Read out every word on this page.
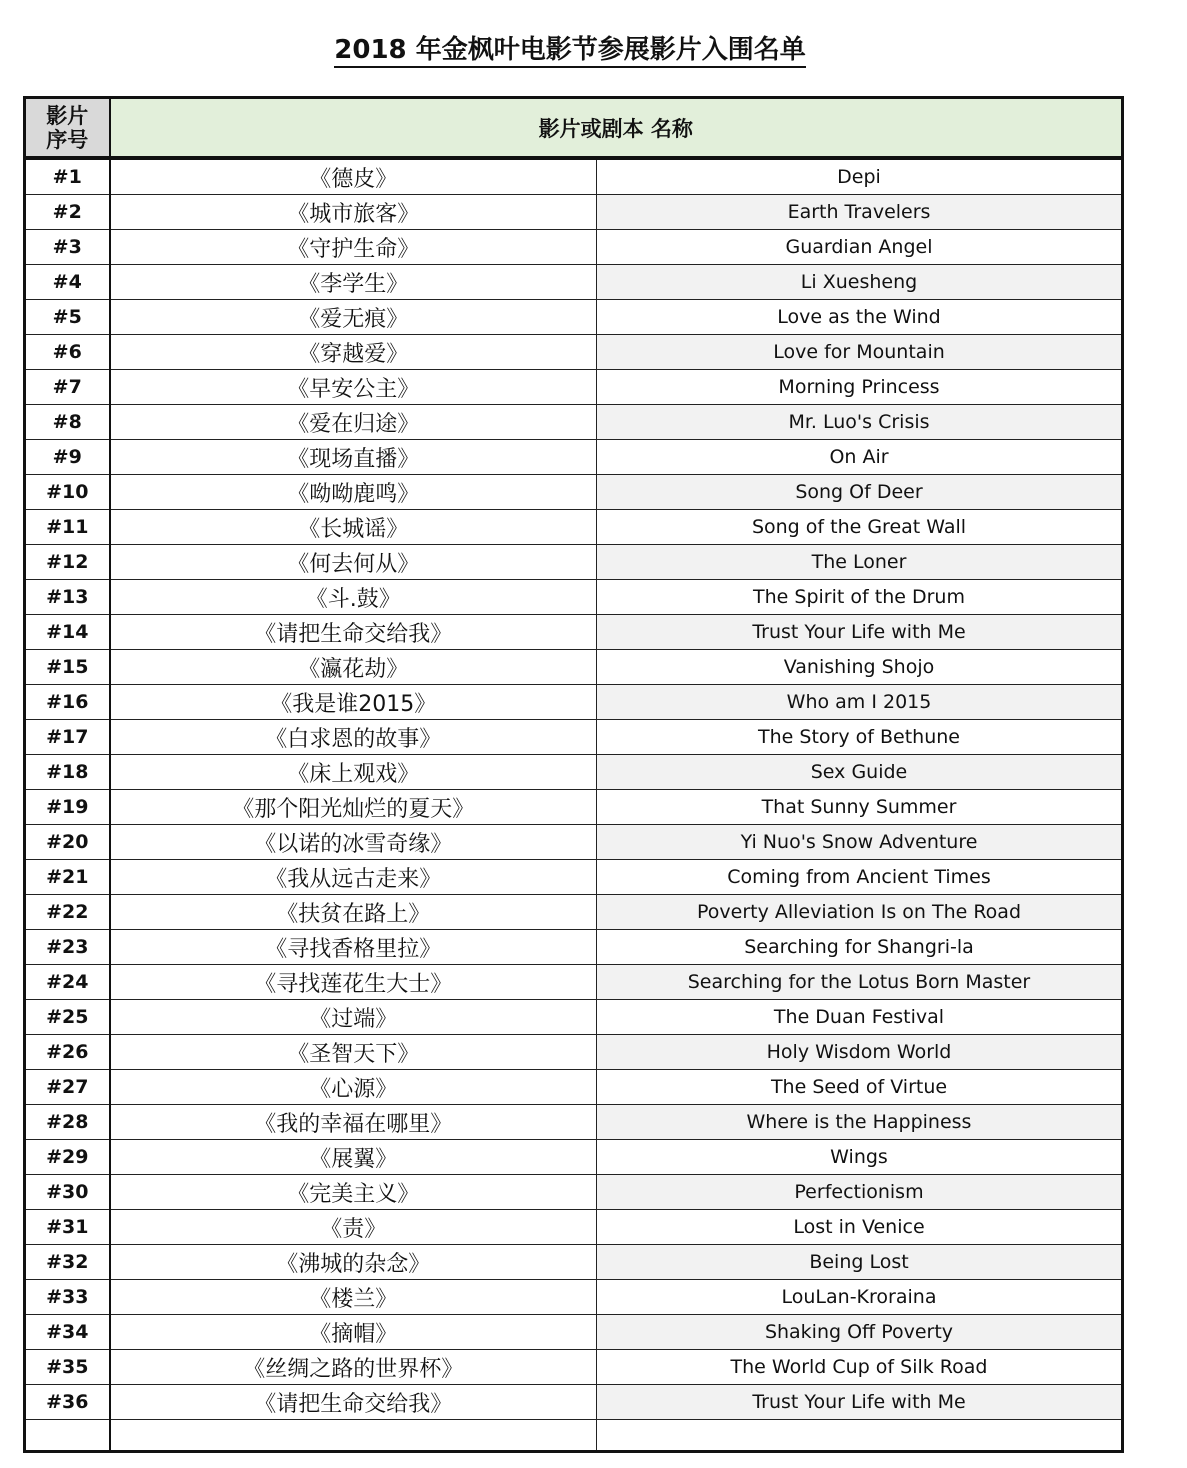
2018 年金枫叶电影节参展影片入围名单
影片
序号	影片或剧本 名称	
#1	《德皮》	Depi
#2	《城市旅客》	Earth Travelers
#3	《守护生命》	Guardian Angel
#4	《李学生》	Li Xuesheng
#5	《爱无痕》	Love as the Wind
#6	《穿越爱》	Love for Mountain
#7	《早安公主》	Morning Princess
#8	《爱在归途》	Mr. Luo's Crisis
#9	《现场直播》	On Air
#10	《呦呦鹿鸣》	Song Of Deer
#11	《长城谣》	Song of the Great Wall
#12	《何去何从》	The Loner
#13	《斗.鼓》	The Spirit of the Drum
#14	《请把生命交给我》	Trust Your Life with Me
#15	《瀛花劫》	Vanishing Shojo
#16	《我是谁2015》	Who am I 2015
#17	《白求恩的故事》	The Story of Bethune
#18	《床上观戏》	Sex Guide
#19	《那个阳光灿烂的夏天》	That Sunny Summer
#20	《以诺的冰雪奇缘》	Yi Nuo's Snow Adventure
#21	《我从远古走来》	Coming from Ancient Times
#22	《扶贫在路上》	Poverty Alleviation Is on The Road
#23	《寻找香格里拉》	Searching for Shangri-la
#24	《寻找莲花生大士》	Searching for the Lotus Born Master
#25	《过端》	The Duan Festival
#26	《圣智天下》	Holy Wisdom World
#27	《心源》	The Seed of Virtue
#28	《我的幸福在哪里》	Where is the Happiness
#29	《展翼》	Wings
#30	《完美主义》	Perfectionism
#31	《责》	Lost in Venice
#32	《沸城的杂念》	Being Lost
#33	《楼兰》	LouLan-Kroraina
#34	《摘帽》	Shaking Off Poverty
#35	《丝绸之路的世界杯》	The World Cup of Silk Road
#36	《请把生命交给我》	Trust Your Life with Me
